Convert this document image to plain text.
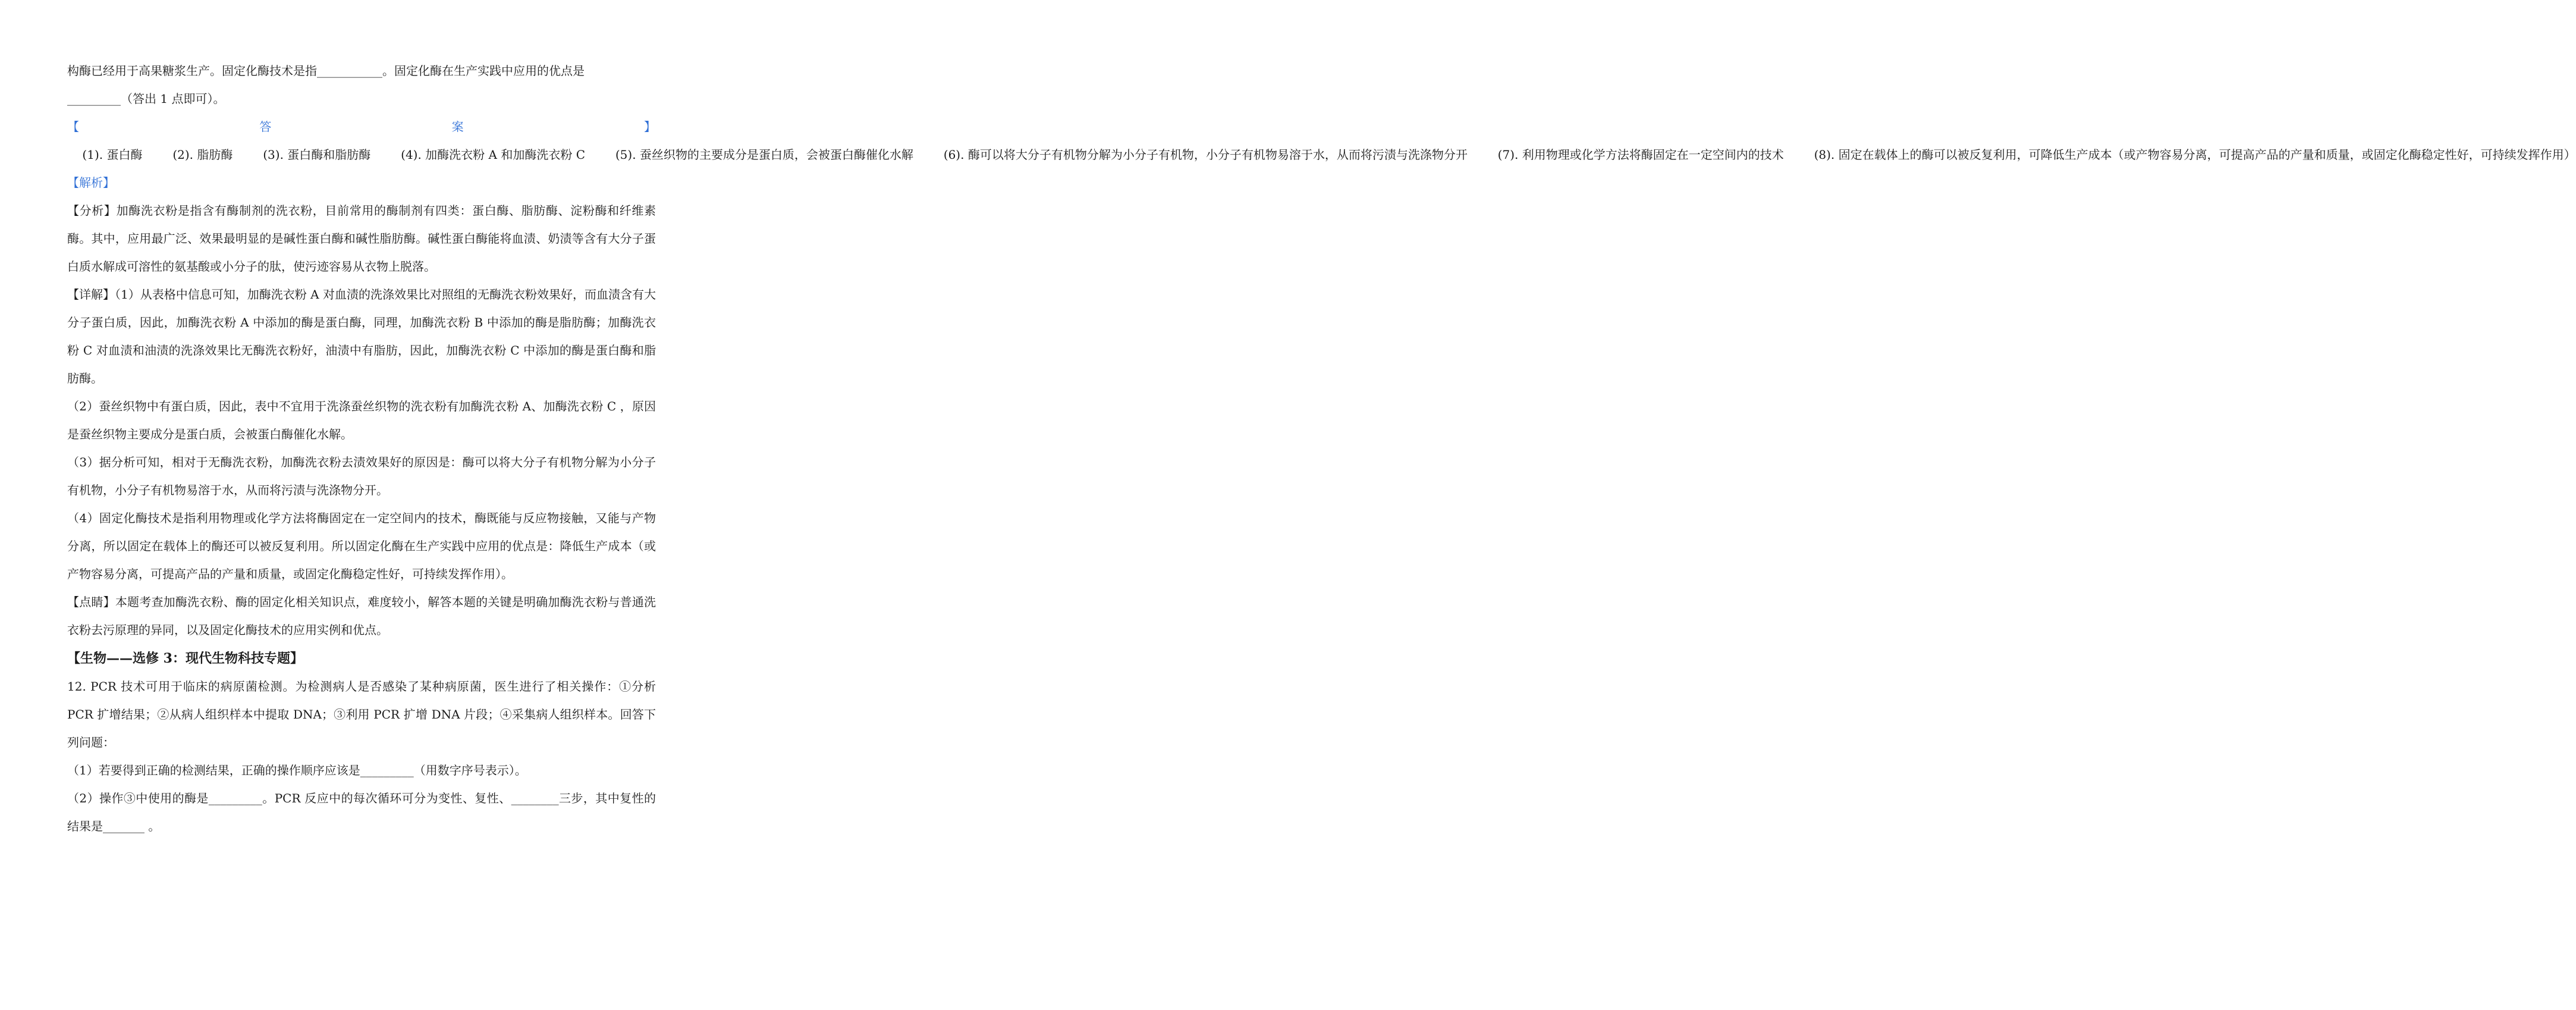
构酶已经用于高果糖浆生产。固定化酶技术是指___________。固定化酶在生产实践中应用的优点是

_________（答出 1 点即可）。

【答案】    (1). 蛋白酶        (2). 脂肪酶        (3). 蛋白酶和脂肪酶        (4). 加酶洗衣粉 A 和加酶洗衣粉 C        (5). 蚕丝织物的主要成分是蛋白质，会被蛋白酶催化水解        (6). 酶可以将大分子有机物分解为小分子有机物，小分子有机物易溶于水，从而将污渍与洗涤物分开        (7). 利用物理或化学方法将酶固定在一定空间内的技术        (8). 固定在载体上的酶可以被反复利用，可降低生产成本（或产物容易分离，可提高产品的产量和质量，或固定化酶稳定性好，可持续发挥作用）

【解析】

【分析】加酶洗衣粉是指含有酶制剂的洗衣粉，目前常用的酶制剂有四类：蛋白酶、脂肪酶、淀粉酶和纤维素酶。其中，应用最广泛、效果最明显的是碱性蛋白酶和碱性脂肪酶。碱性蛋白酶能将血渍、奶渍等含有大分子蛋白质水解成可溶性的氨基酸或小分子的肽，使污迹容易从衣物上脱落。

【详解】（1）从表格中信息可知，加酶洗衣粉 A 对血渍的洗涤效果比对照组的无酶洗衣粉效果好，而血渍含有大分子蛋白质，因此，加酶洗衣粉 A 中添加的酶是蛋白酶，同理，加酶洗衣粉 B 中添加的酶是脂肪酶；加酶洗衣粉 C 对血渍和油渍的洗涤效果比无酶洗衣粉好，油渍中有脂肪，因此，加酶洗衣粉 C 中添加的酶是蛋白酶和脂肪酶。

（2）蚕丝织物中有蛋白质，因此，表中不宜用于洗涤蚕丝织物的洗衣粉有加酶洗衣粉 A、加酶洗衣粉 C ，原因是蚕丝织物主要成分是蛋白质，会被蛋白酶催化水解。

（3）据分析可知，相对于无酶洗衣粉，加酶洗衣粉去渍效果好的原因是：酶可以将大分子有机物分解为小分子有机物，小分子有机物易溶于水，从而将污渍与洗涤物分开。

（4）固定化酶技术是指利用物理或化学方法将酶固定在一定空间内的技术，酶既能与反应物接触，又能与产物分离，所以固定在载体上的酶还可以被反复利用。所以固定化酶在生产实践中应用的优点是：降低生产成本（或产物容易分离，可提高产品的产量和质量，或固定化酶稳定性好，可持续发挥作用）。

【点睛】本题考查加酶洗衣粉、酶的固定化相关知识点，难度较小，解答本题的关键是明确加酶洗衣粉与普通洗衣粉去污原理的异同，以及固定化酶技术的应用实例和优点。

【生物——选修 3：现代生物科技专题】

12. PCR 技术可用于临床的病原菌检测。为检测病人是否感染了某种病原菌，医生进行了相关操作：①分析 PCR 扩增结果；②从病人组织样本中提取 DNA；③利用 PCR 扩增 DNA 片段；④采集病人组织样本。回答下列问题：

（1）若要得到正确的检测结果，正确的操作顺序应该是_________（用数字序号表示）。

（2）操作③中使用的酶是_________。PCR 反应中的每次循环可分为变性、复性、________三步，其中复性的结果是_______ 。
